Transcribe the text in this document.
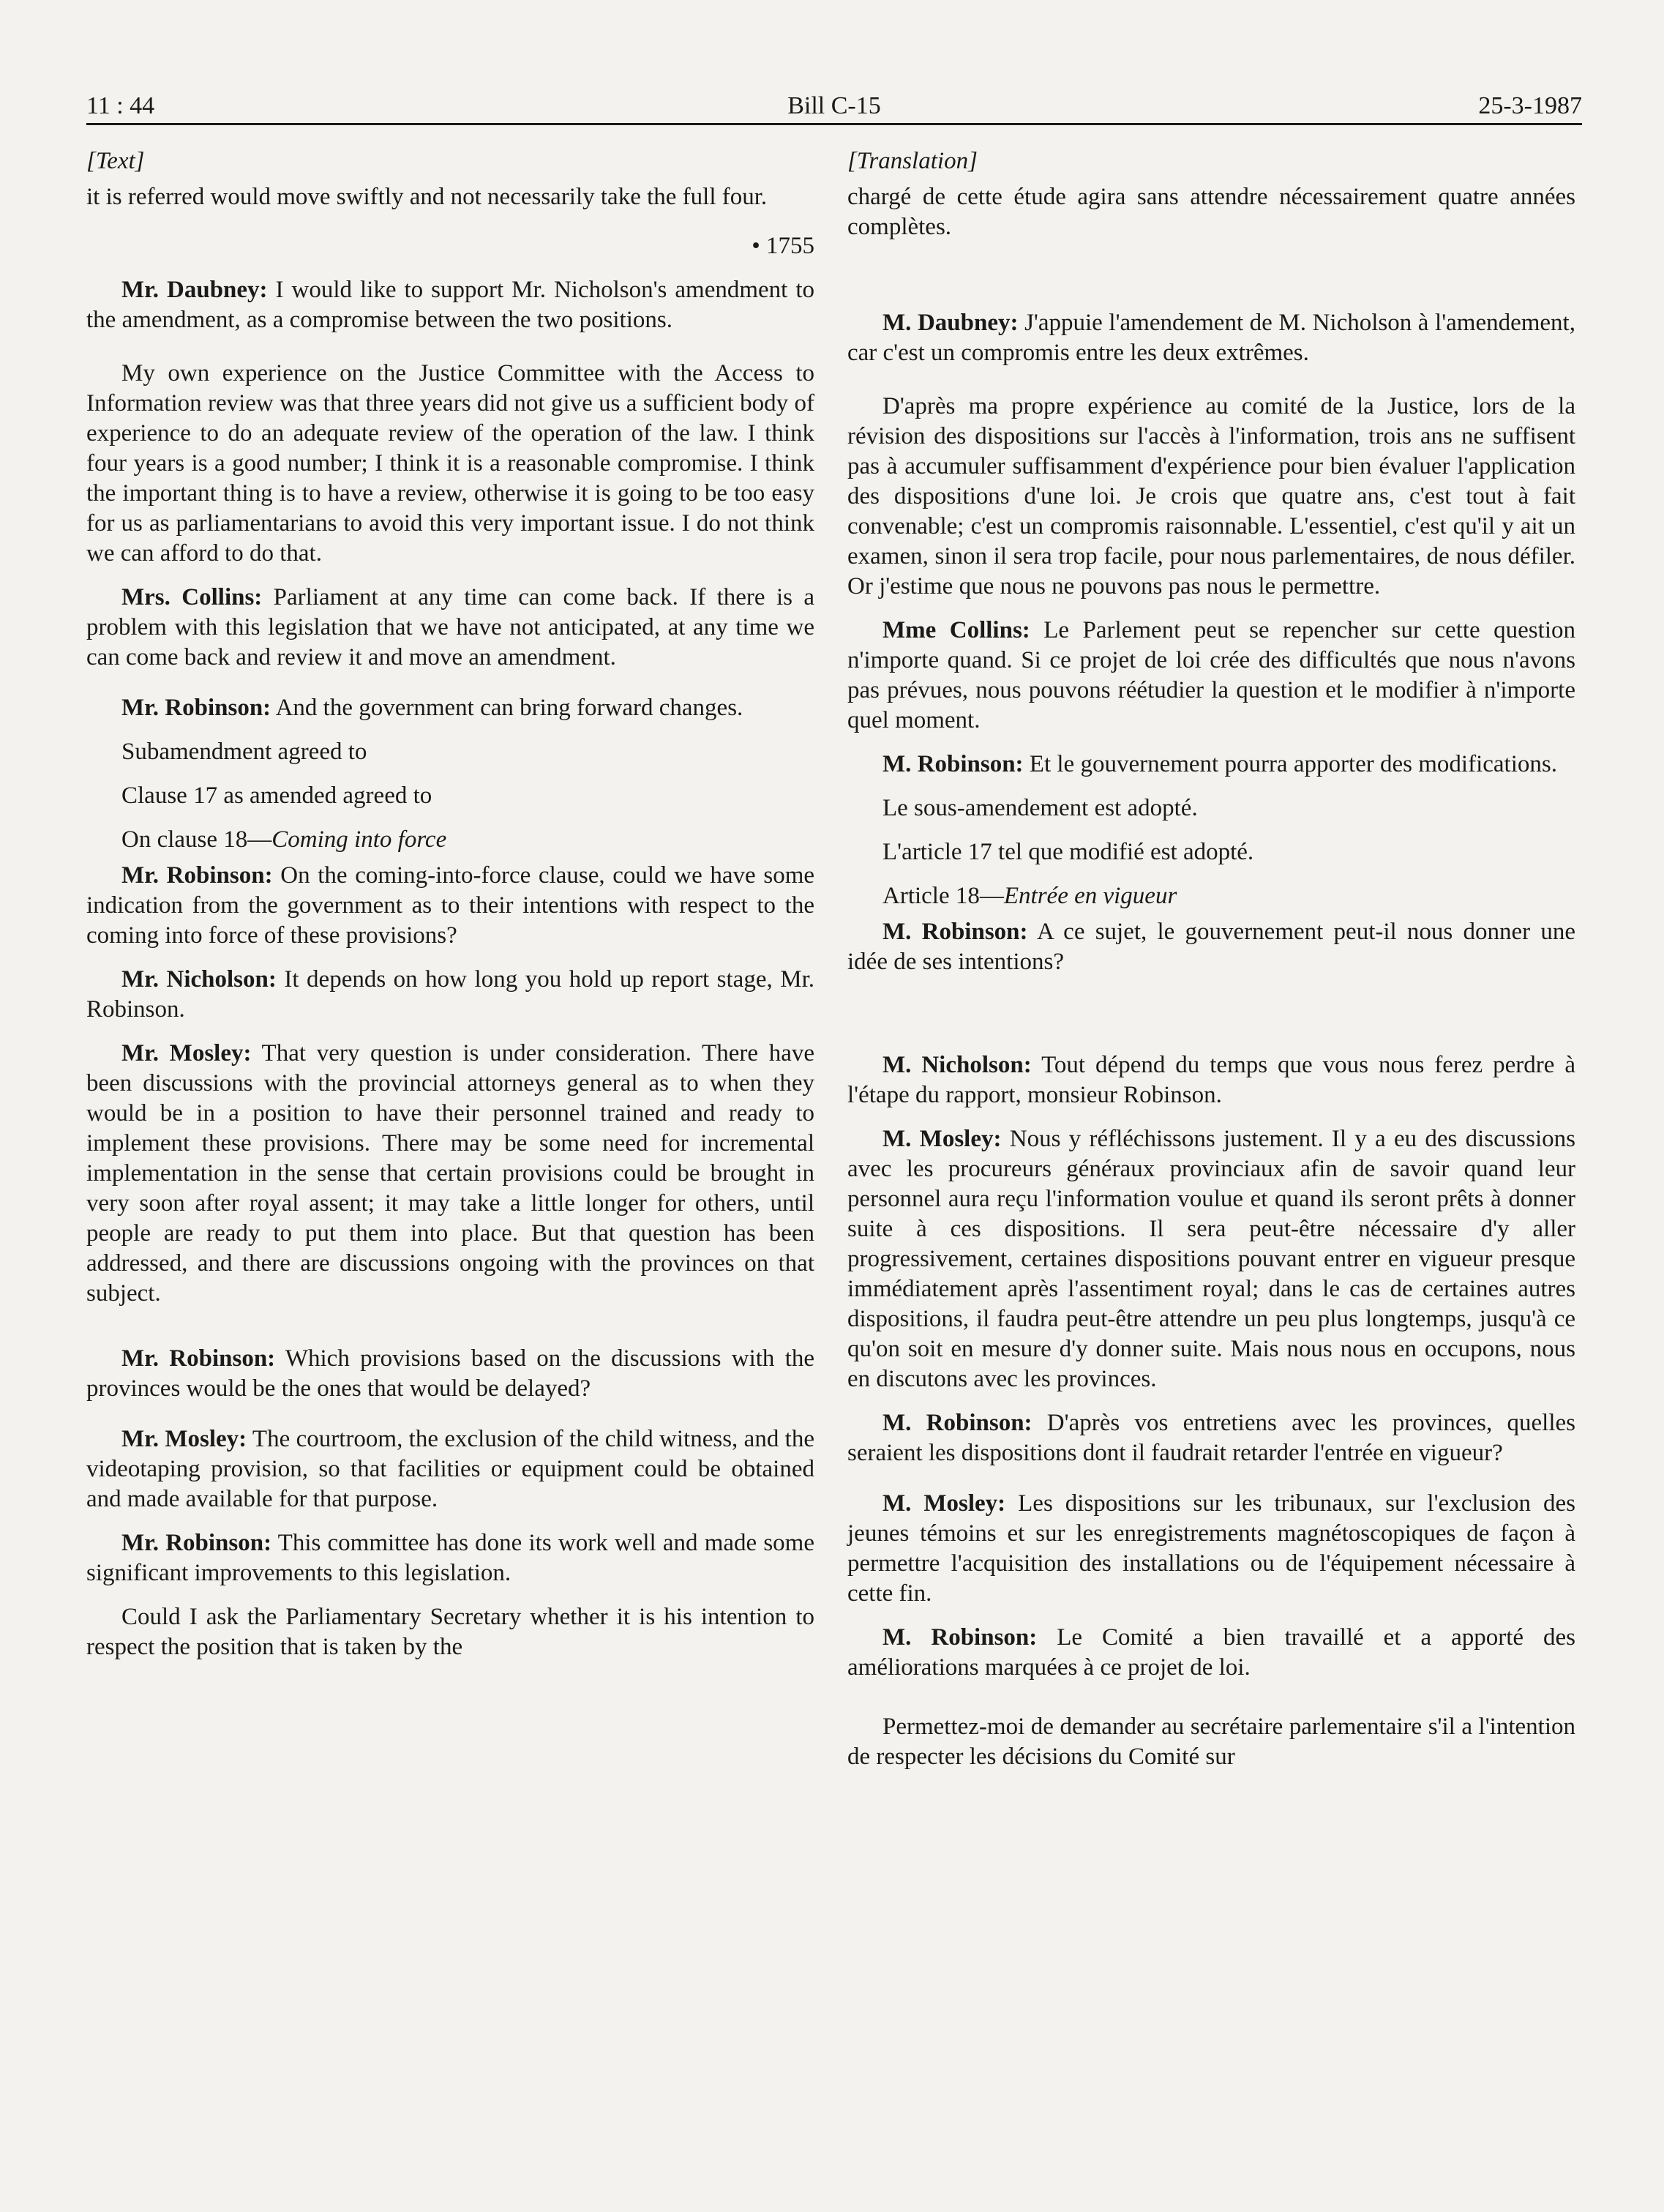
11 : 44	Bill C-15	25-3-1987

[Text]

it is referred would move swiftly and not necessarily take the full four.

• 1755

Mr. Daubney: I would like to support Mr. Nicholson's amendment to the amendment, as a compromise between the two positions.

My own experience on the Justice Committee with the Access to Information review was that three years did not give us a sufficient body of experience to do an adequate review of the operation of the law. I think four years is a good number; I think it is a reasonable compromise. I think the important thing is to have a review, otherwise it is going to be too easy for us as parliamentarians to avoid this very important issue. I do not think we can afford to do that.

Mrs. Collins: Parliament at any time can come back. If there is a problem with this legislation that we have not anticipated, at any time we can come back and review it and move an amendment.

Mr. Robinson: And the government can bring forward changes.

Subamendment agreed to

Clause 17 as amended agreed to

On clause 18—Coming into force

Mr. Robinson: On the coming-into-force clause, could we have some indication from the government as to their intentions with respect to the coming into force of these provisions?

Mr. Nicholson: It depends on how long you hold up report stage, Mr. Robinson.

Mr. Mosley: That very question is under consideration. There have been discussions with the provincial attorneys general as to when they would be in a position to have their personnel trained and ready to implement these provisions. There may be some need for incremental implementation in the sense that certain provisions could be brought in very soon after royal assent; it may take a little longer for others, until people are ready to put them into place. But that question has been addressed, and there are discussions ongoing with the provinces on that subject.

Mr. Robinson: Which provisions based on the discussions with the provinces would be the ones that would be delayed?

Mr. Mosley: The courtroom, the exclusion of the child witness, and the videotaping provision, so that facilities or equipment could be obtained and made available for that purpose.

Mr. Robinson: This committee has done its work well and made some significant improvements to this legislation.

Could I ask the Parliamentary Secretary whether it is his intention to respect the position that is taken by the

[Translation]

chargé de cette étude agira sans attendre nécessairement quatre années complètes.

M. Daubney: J'appuie l'amendement de M. Nicholson à l'amendement, car c'est un compromis entre les deux extrêmes.

D'après ma propre expérience au comité de la Justice, lors de la révision des dispositions sur l'accès à l'information, trois ans ne suffisent pas à accumuler suffisamment d'expérience pour bien évaluer l'application des dispositions d'une loi. Je crois que quatre ans, c'est tout à fait convenable; c'est un compromis raisonnable. L'essentiel, c'est qu'il y ait un examen, sinon il sera trop facile, pour nous parlementaires, de nous défiler. Or j'estime que nous ne pouvons pas nous le permettre.

Mme Collins: Le Parlement peut se repencher sur cette question n'importe quand. Si ce projet de loi crée des difficultés que nous n'avons pas prévues, nous pouvons réétudier la question et le modifier à n'importe quel moment.

M. Robinson: Et le gouvernement pourra apporter des modifications.

Le sous-amendement est adopté.

L'article 17 tel que modifié est adopté.

Article 18—Entrée en vigueur

M. Robinson: A ce sujet, le gouvernement peut-il nous donner une idée de ses intentions?

M. Nicholson: Tout dépend du temps que vous nous ferez perdre à l'étape du rapport, monsieur Robinson.

M. Mosley: Nous y réfléchissons justement. Il y a eu des discussions avec les procureurs généraux provinciaux afin de savoir quand leur personnel aura reçu l'information voulue et quand ils seront prêts à donner suite à ces dispositions. Il sera peut-être nécessaire d'y aller progressivement, certaines dispositions pouvant entrer en vigueur presque immédiatement après l'assentiment royal; dans le cas de certaines autres dispositions, il faudra peut-être attendre un peu plus longtemps, jusqu'à ce qu'on soit en mesure d'y donner suite. Mais nous nous en occupons, nous en discutons avec les provinces.

M. Robinson: D'après vos entretiens avec les provinces, quelles seraient les dispositions dont il faudrait retarder l'entrée en vigueur?

M. Mosley: Les dispositions sur les tribunaux, sur l'exclusion des jeunes témoins et sur les enregistrements magnétoscopiques de façon à permettre l'acquisition des installations ou de l'équipement nécessaire à cette fin.

M. Robinson: Le Comité a bien travaillé et a apporté des améliorations marquées à ce projet de loi.

Permettez-moi de demander au secrétaire parlementaire s'il a l'intention de respecter les décisions du Comité sur
